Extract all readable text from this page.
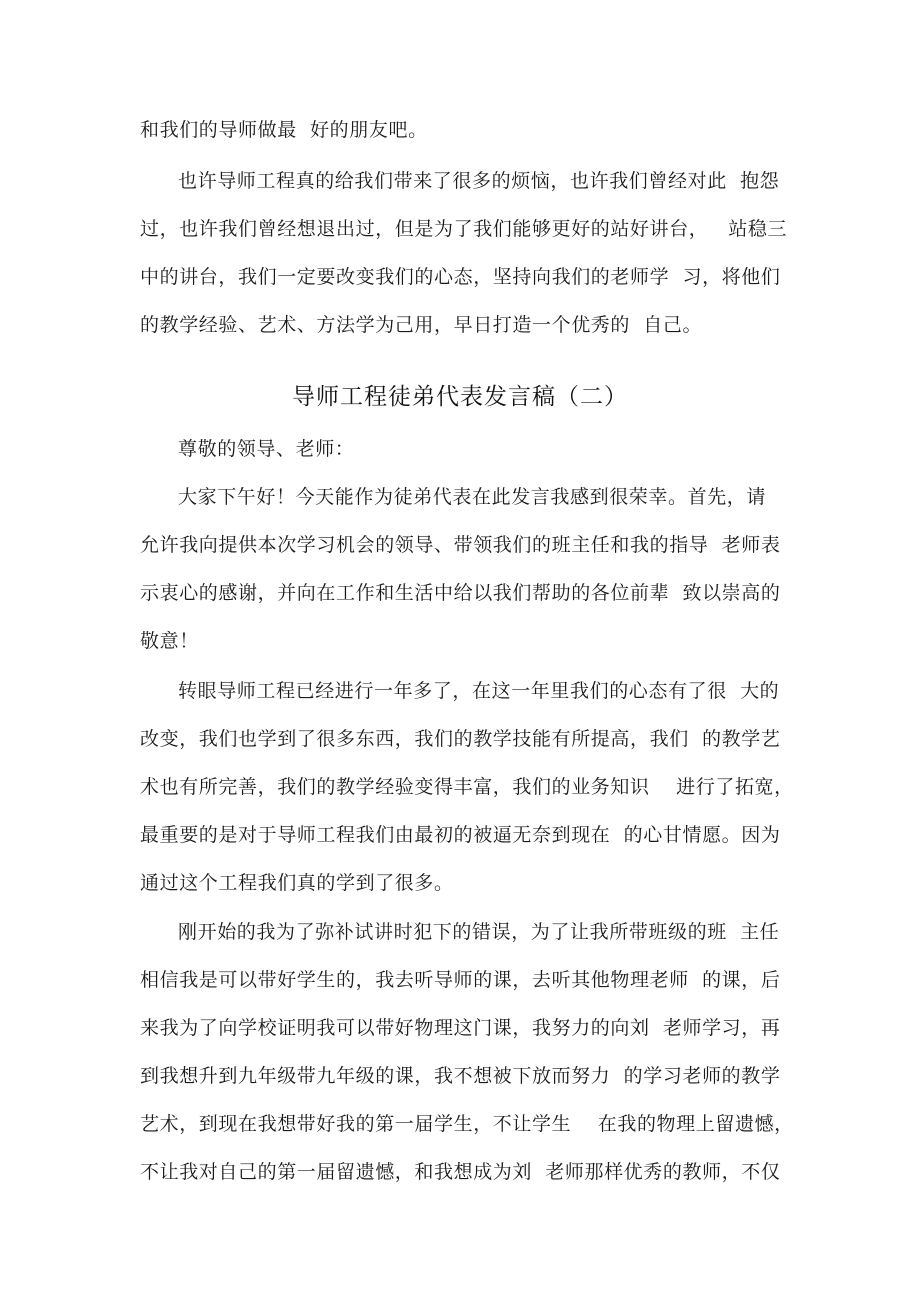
和我们的导师做最  好的朋友吧。
也许导师工程真的给我们带来了很多的烦恼，也许我们曾经对此  抱怨
过，也许我们曾经想退出过，但是为了我们能够更好的站好讲台，   站稳三
中的讲台，我们一定要改变我们的心态，坚持向我们的老师学  习，将他们
的教学经验、艺术、方法学为己用，早日打造一个优秀的  自己。
导师工程徒弟代表发言稿（二）
尊敬的领导、老师：
大家下午好！今天能作为徒弟代表在此发言我感到很荣幸。首先，请
允许我向提供本次学习机会的领导、带领我们的班主任和我的指导  老师表
示衷心的感谢，并向在工作和生活中给以我们帮助的各位前辈  致以崇高的
敬意！
转眼导师工程已经进行一年多了，在这一年里我们的心态有了很  大的
改变，我们也学到了很多东西，我们的教学技能有所提高，我们  的教学艺
术也有所完善，我们的教学经验变得丰富，我们的业务知识    进行了拓宽，
最重要的是对于导师工程我们由最初的被逼无奈到现在  的心甘情愿。因为
通过这个工程我们真的学到了很多。
刚开始的我为了弥补试讲时犯下的错误，为了让我所带班级的班  主任
相信我是可以带好学生的，我去听导师的课，去听其他物理老师  的课，后
来我为了向学校证明我可以带好物理这门课，我努力的向刘  老师学习，再
到我想升到九年级带九年级的课，我不想被下放而努力  的学习老师的教学
艺术，到现在我想带好我的第一届学生，不让学生    在我的物理上留遗憾，
不让我对自己的第一届留遗憾，和我想成为刘  老师那样优秀的教师，不仅
